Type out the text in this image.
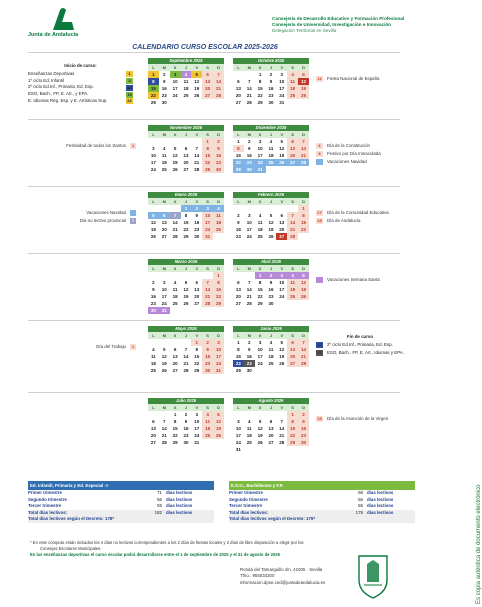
Junta de Andalucía
Consejería de Desarrollo Educativo y Formación Profesional
Consejería de Universidad, Investigación e Innovación
Delegación Territorial en Sevilla
CALENDARIO CURSO ESCOLAR 2025-2026
Septiembre 2025
L	M	X	J	V	S	D
1	2	3	4	5	6	7
8	9	10	11	12	13	14
15	16	17	18	19	20	21
22	23	24	25	26	27	28
29	30					
Inicio de curso:
Enseñanzas Deportivas	1
1º ciclo Ed. Infantil	3
2º ciclo Ed.Inf., Primaria, Ed. Esp.	10
ESO, Bach., FP, E. Art., y EPA.	15
E. Idiomas Rég. Esp. y E. Artísticas Sup.	22
Octubre 2025
L	M	X	J	V	S	D
		1	2	3	4	5
6	7	8	9	10	11	12
13	14	15	16	17	18	19
20	21	22	23	24	25	26
27	28	29	30	31		
12 Fiesta Nacional de España
Noviembre 2025
L	M	X	J	V	S	D
					1	2
3	4	5	6	7	8	9
10	11	12	13	14	15	16
17	18	19	20	21	22	23
24	25	26	27	28	29	30
Festividad de todos los Santos 1
Diciembre 2025
L	M	X	J	V	S	D
1	2	3	4	5	6	7
8	9	10	11	12	13	14
15	16	17	18	19	20	21
22	23	24	25	26	27	28
29	30	31				
6 Día de la Constitución
8 Festivo por Día Inmaculada
Vacaciones Navidad
Enero 2026
L	M	X	J	V	S	D
			1	2	3	4
5	6	7	8	9	10	11
12	13	14	15	16	17	18
19	20	21	22	23	24	25
26	27	28	29	30	31	
Vacaciones Navidad
Día no lectivo provincial 7
Febrero 2026
L	M	X	J	V	S	D
						1
2	3	4	5	6	7	8
9	10	11	12	13	14	15
16	17	18	19	20	21	22
23	24	25	26	27	28	
27 Día de la Comunidad Educativa
28 Día de Andalucía
Marzo 2026
L	M	X	J	V	S	D
						1
2	3	4	5	6	7	8
9	10	11	12	13	14	15
16	17	18	19	20	21	22
23	24	25	26	27	28	29
30	31					
Abril 2026
L	M	X	J	V	S	D
		1	2	3	4	5
6	7	8	9	10	11	12
13	14	15	16	17	18	19
20	21	22	23	24	25	26
27	28	29	30			
Vacaciones Semana Santa
Mayo 2026
L	M	X	J	V	S	D
				1	2	3
4	5	6	7	8	9	10
11	12	13	14	15	16	17
18	19	20	21	22	23	24
25	26	27	28	29	30	31
Día del Trabajo 1
Junio 2026
L	M	X	J	V	S	D
1	2	3	4	5	6	7
8	9	10	11	12	13	14
15	16	17	18	19	20	21
22	23	24	25	26	27	28
29	30					
Fin de curso
22 2º ciclo Ed.Inf., Primaria, Ed. Esp.
23 ESO, Bach., FP, E. Art., Idiomas y EPA.
Julio 2026
L	M	X	J	V	S	D
		1	2	3	4	5
6	7	8	9	10	11	12
13	14	15	16	17	18	19
20	21	22	23	24	25	26
27	28	29	30	31		
Agosto 2026
L	M	X	J	V	S	D
					1	2
3	4	5	6	7	8	9
10	11	12	13	14	15	16
17	18	19	20	21	22	23
24	25	26	27	28	29	30
31						
15 Día de la Asunción de la Virgen
Ed. Infantil, Primaria y Ed. Especial ->
Primer trimestre	71 días lectivos
Segundo trimestre	56 días lectivos
Tercer trimestre	55 días lectivos
Total días lectivos:	182 días lectivos
Total días lectivos según el Decreto: 178*
E.S.O., Bachillerato y F.P.
Primer trimestre	68 días lectivos
Segundo trimestre	56 días lectivos
Tercer trimestre	55 días lectivos
Total días lectivos:	179 días lectivos
Total días lectivos según el Decreto: 175*
* En este cómputo están incluidos los 4 días no lectivos correspondientes a los 2 días de fiestas locales y 2 días de libre disposición a elegir por los
Consejos Escolares Municipales.
En las enseñanzas deportivas el curso escolar podrá desarrollarse entre el 1 de septiembre de 2025 y el 31 de agosto de 2026
Ronda del Tamarguillo s/n, 41005 · Sevilla
Tfno.: 955034200
informacion.dpse.ced@juntadeandalucia.es	Es copia auténtica de documento electrónico
